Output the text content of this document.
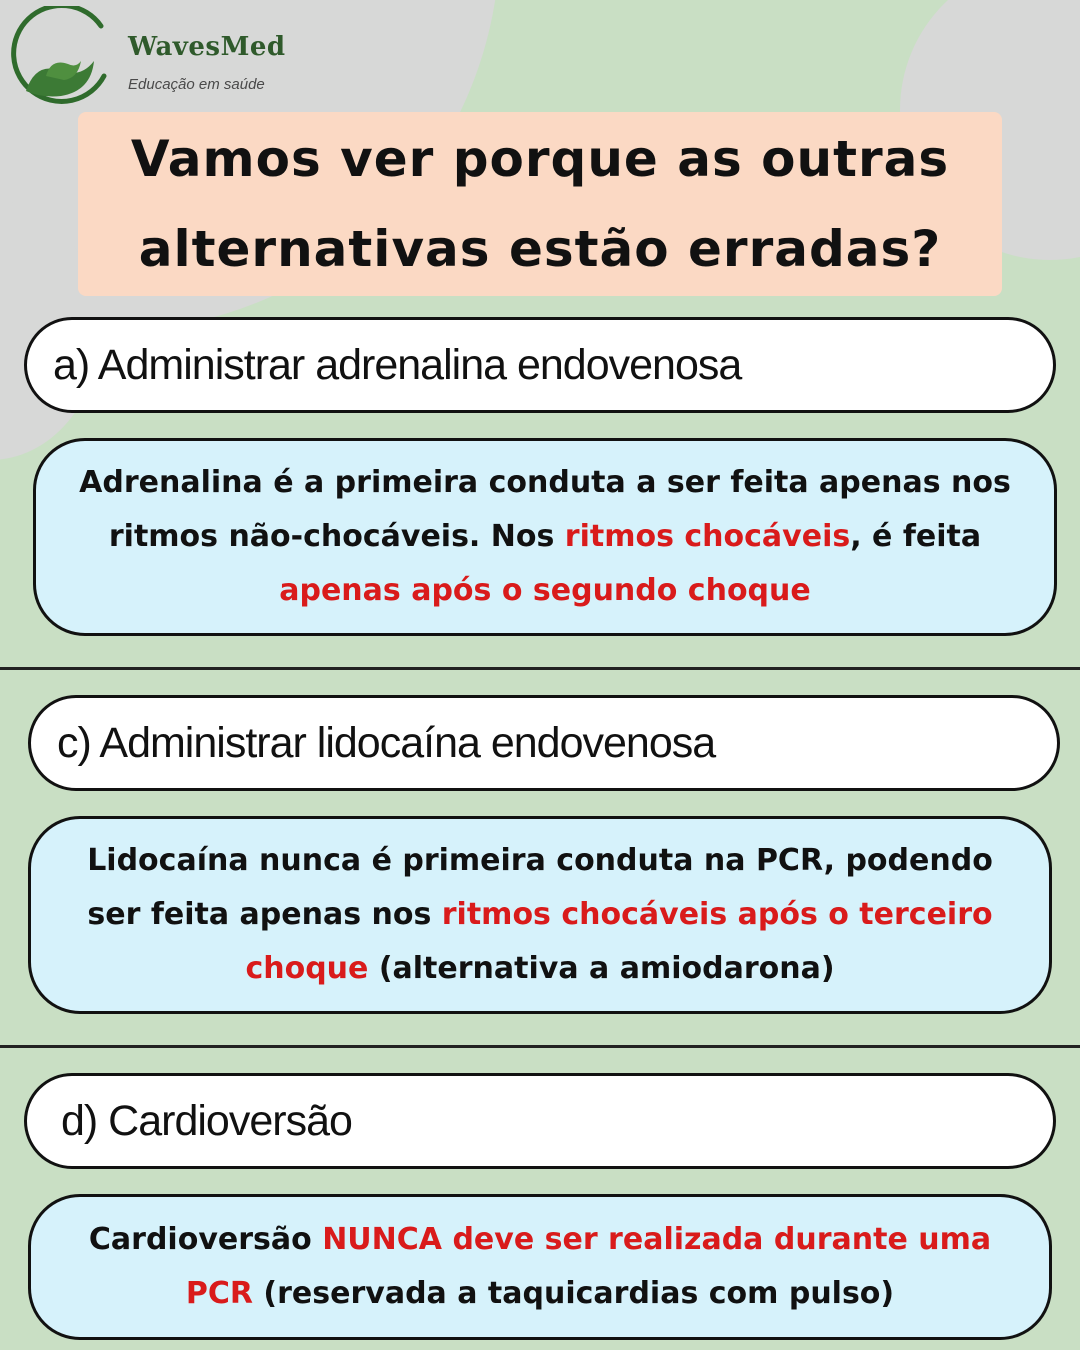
WavesMed
Educação em saúde
Vamos ver porque as outras
alternativas estão erradas?
a) Administrar adrenalina endovenosa

Adrenalina é a primeira conduta a ser feita apenas nos ritmos não-chocáveis. Nos ritmos chocáveis, é feita apenas após o segundo choque

c) Administrar lidocaína endovenosa

Lidocaína nunca é primeira conduta na PCR, podendo ser feita apenas nos ritmos chocáveis após o terceiro choque (alternativa a amiodarona)

d) Cardioversão

Cardioversão NUNCA deve ser realizada durante uma PCR (reservada a taquicardias com pulso)
